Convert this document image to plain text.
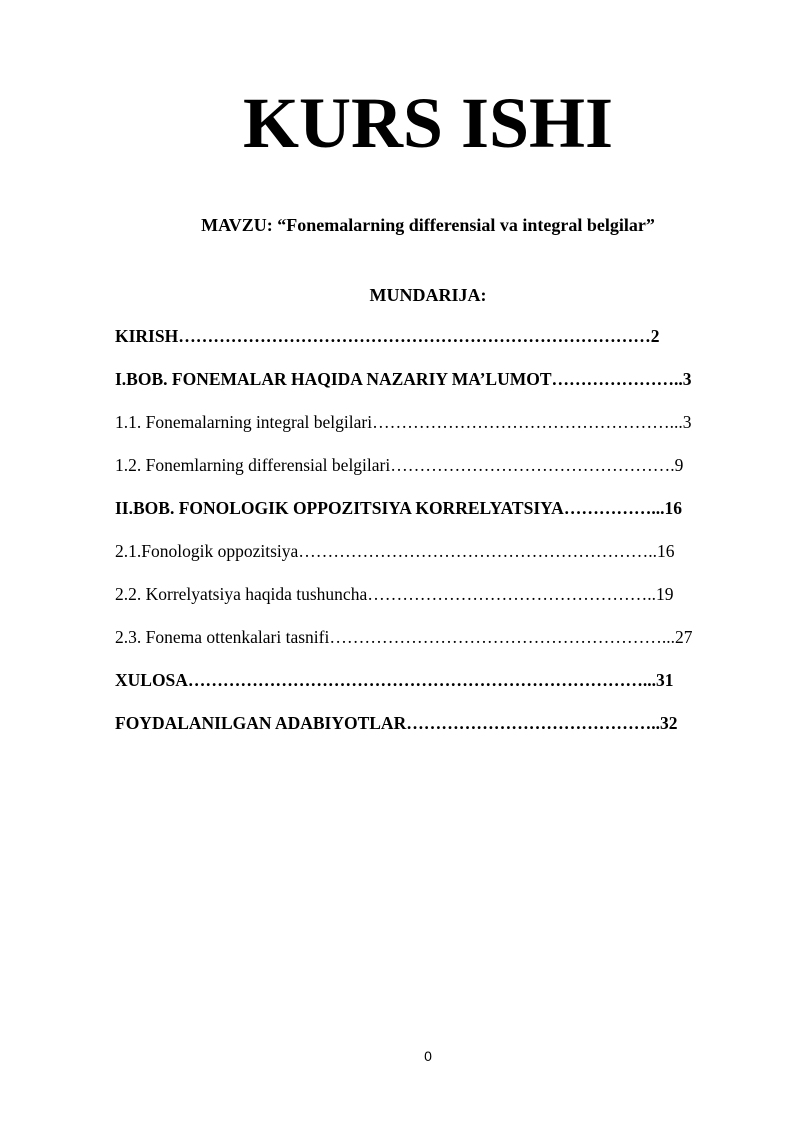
KURS ISHI
MAVZU: “Fonemalarning differensial va integral belgilar”
MUNDARIJA:
KIRISH………………………………………………………………………2
I.BOB. FONEMALAR HAQIDA NAZARIY MA’LUMOT…………………..3
1.1. Fonemalarning integral belgilari……………………………………………...3
1.2. Fonemlarning differensial belgilari………………………………………….9
II.BOB. FONOLOGIK OPPOZITSIYA KORRELYATSIYA……………...16
2.1.Fonologik oppozitsiya……………………………………………………..16
2.2. Korrelyatsiya haqida tushuncha…………………………………………..19
2.3. Fonema ottenkalari tasnifi…………………………………………………...27
XULOSA……………………………………………………………………...31
FOYDALANILGAN ADABIYOTLAR……………………………………..32
0
